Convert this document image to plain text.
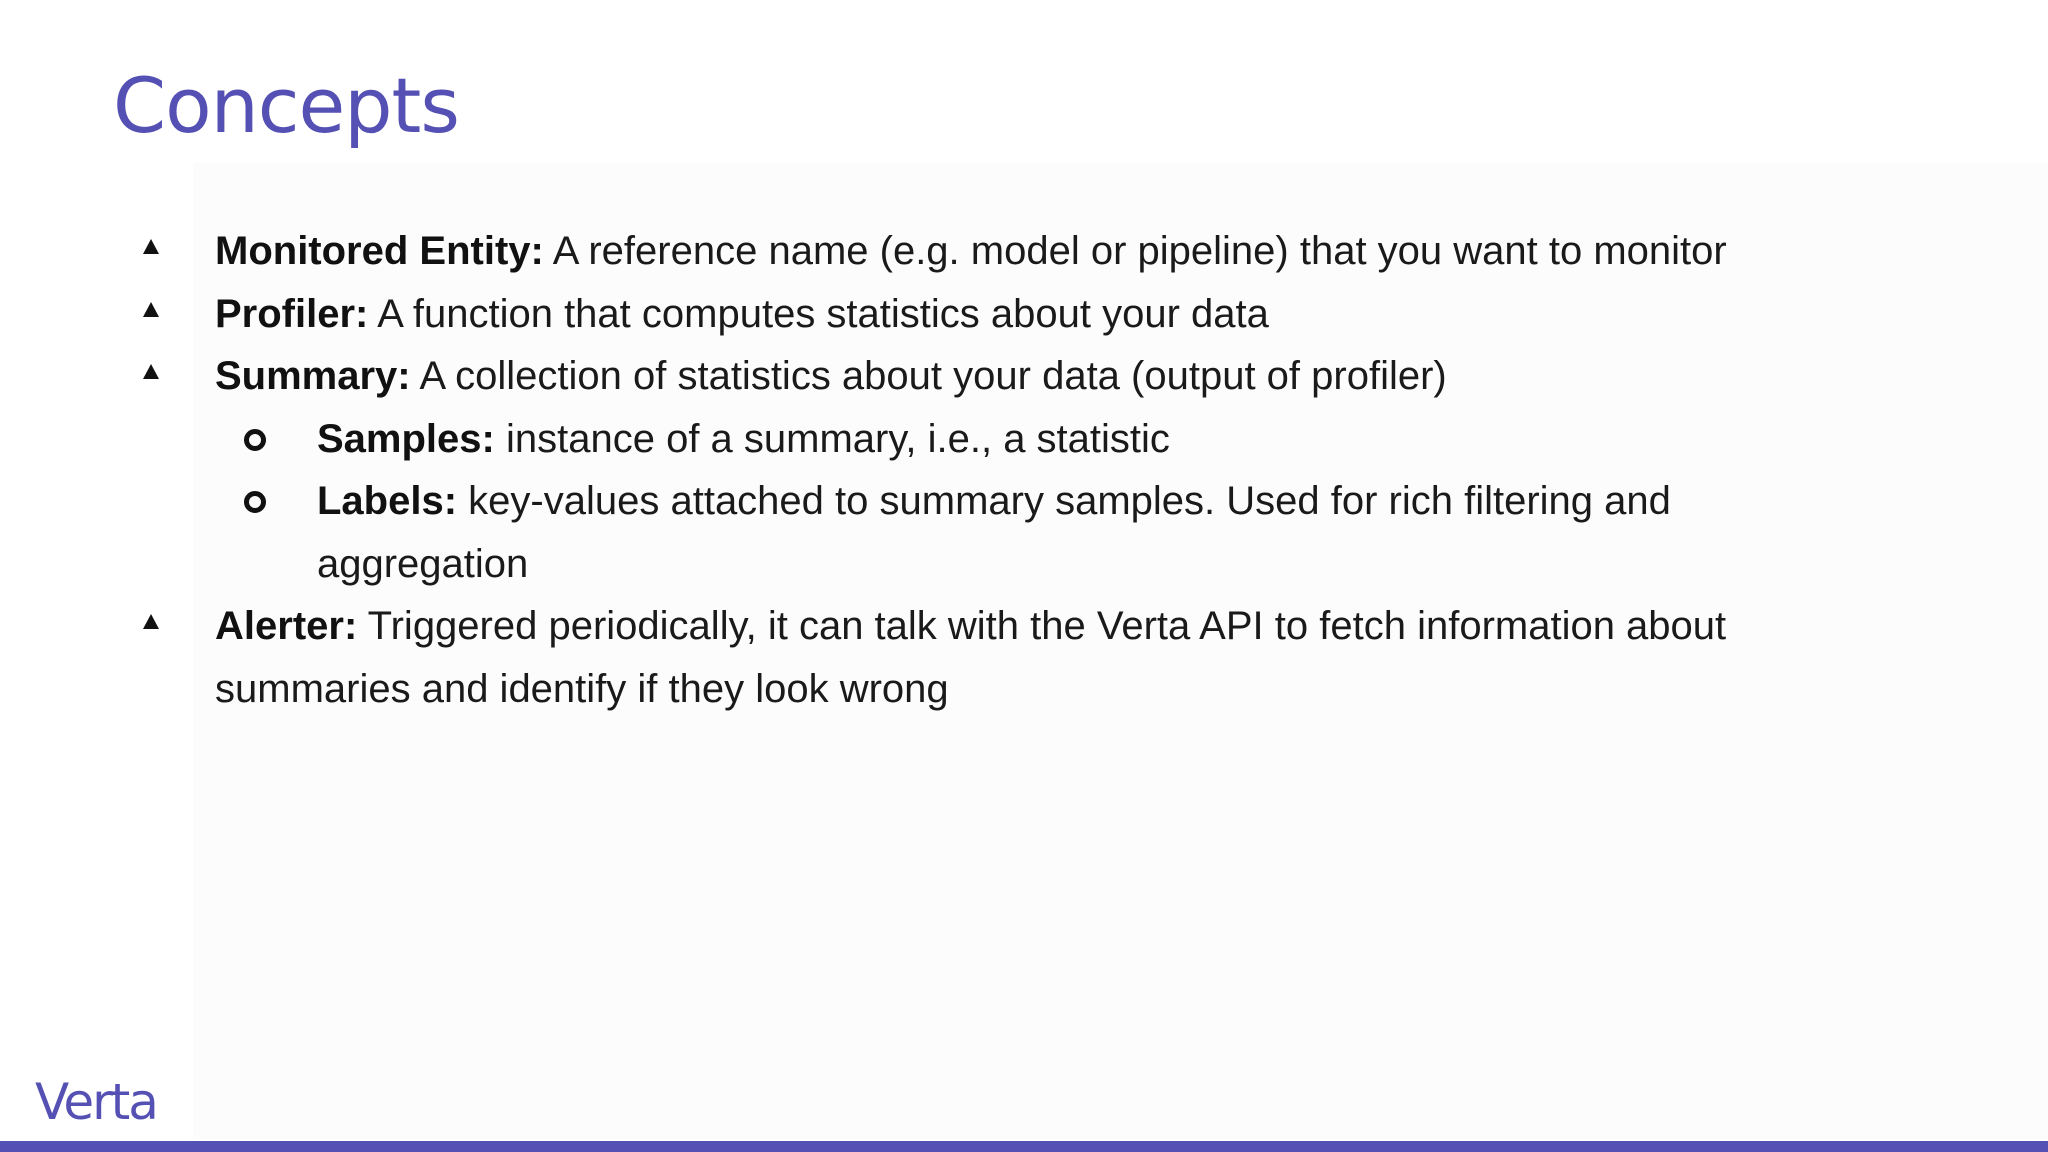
Concepts
Monitored Entity: A reference name (e.g. model or pipeline) that you want to monitor
Profiler: A function that computes statistics about your data
Summary: A collection of statistics about your data (output of profiler)
Samples: instance of a summary, i.e., a statistic
Labels: key-values attached to summary samples. Used for rich filtering and aggregation
Alerter: Triggered periodically, it can talk with the Verta API to fetch information about summaries and identify if they look wrong
Verta
